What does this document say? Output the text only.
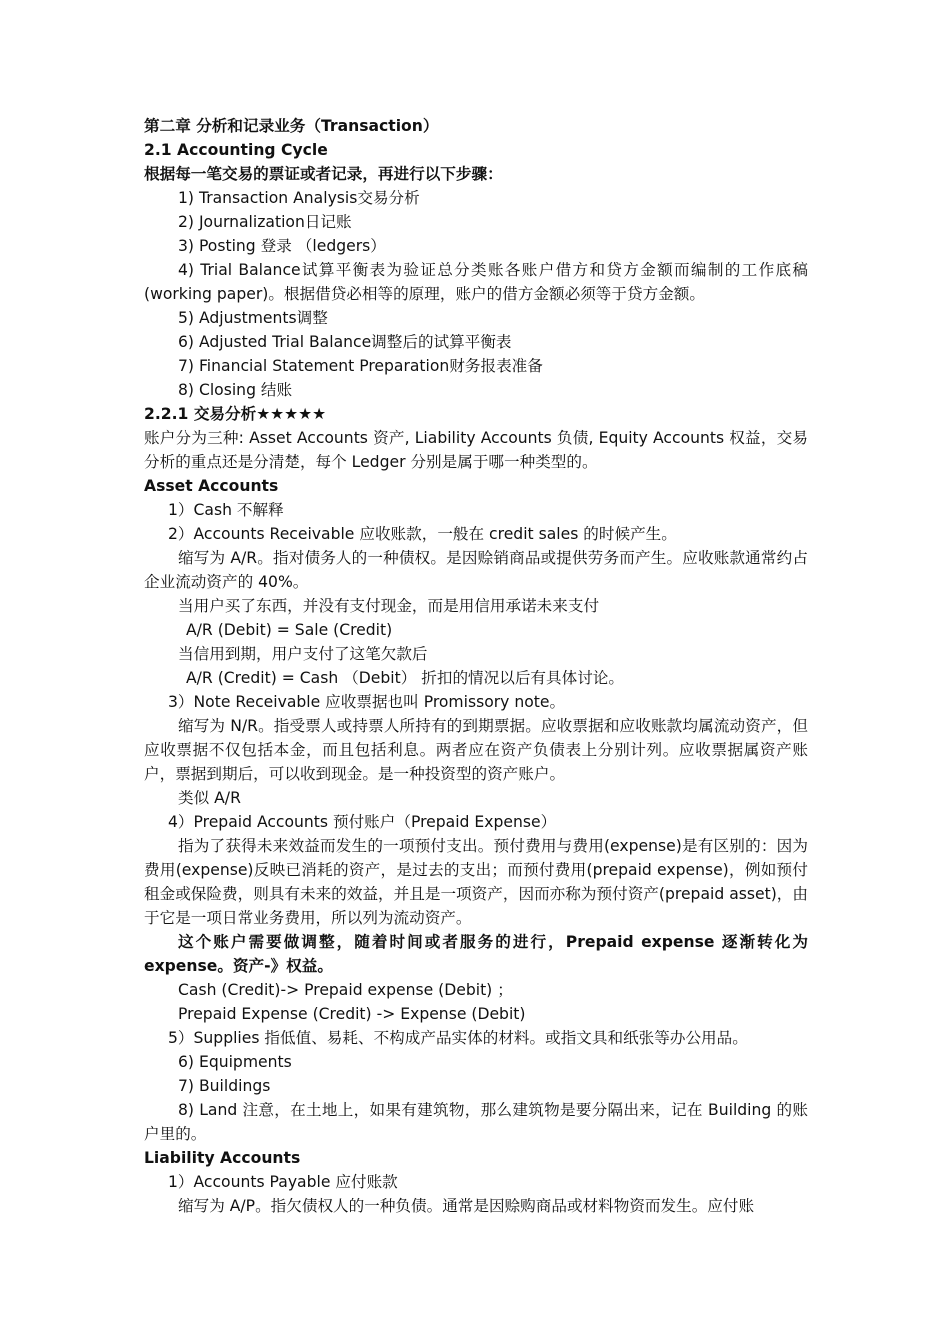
第二章 分析和记录业务（Transaction）
2.1 Accounting Cycle
根据每一笔交易的票证或者记录，再进行以下步骤：
1) Transaction Analysis交易分析
2) Journalization日记账
3) Posting 登录 （ledgers）
4) Trial Balance试算平衡表为验证总分类账各账户借方和贷方金额而编制的工作底稿(working paper)。根据借贷必相等的原理，账户的借方金额必须等于贷方金额。
5) Adjustments调整
6) Adjusted Trial Balance调整后的试算平衡表
7) Financial Statement Preparation财务报表准备
8) Closing 结账
2.2.1 交易分析★★★★★
账户分为三种: Asset Accounts 资产, Liability Accounts 负债, Equity Accounts 权益，交易分析的重点还是分清楚，每个 Ledger 分别是属于哪一种类型的。
Asset Accounts
1）Cash 不解释
2）Accounts Receivable 应收账款，一般在 credit sales 的时候产生。
缩写为 A/R。指对债务人的一种债权。是因赊销商品或提供劳务而产生。应收账款通常约占企业流动资产的 40%。
当用户买了东西，并没有支付现金，而是用信用承诺未来支付
A/R (Debit) = Sale (Credit)
当信用到期，用户支付了这笔欠款后
A/R (Credit) = Cash （Debit） 折扣的情况以后有具体讨论。
3）Note Receivable 应收票据也叫 Promissory note。
缩写为 N/R。指受票人或持票人所持有的到期票据。应收票据和应收账款均属流动资产，但应收票据不仅包括本金，而且包括利息。两者应在资产负债表上分别计列。应收票据属资产账户，票据到期后，可以收到现金。是一种投资型的资产账户。
类似 A/R
4）Prepaid Accounts 预付账户（Prepaid Expense）
指为了获得未来效益而发生的一项预付支出。预付费用与费用(expense)是有区别的：因为费用(expense)反映已消耗的资产，是过去的支出；而预付费用(prepaid expense)，例如预付租金或保险费，则具有未来的效益，并且是一项资产，因而亦称为预付资产(prepaid asset)，由于它是一项日常业务费用，所以列为流动资产。
这个账户需要做调整，随着时间或者服务的进行，Prepaid expense 逐渐转化为 expense。资产-》权益。
Cash (Credit)-> Prepaid expense (Debit) ；
Prepaid Expense (Credit) -> Expense (Debit)
5）Supplies 指低值、易耗、不构成产品实体的材料。或指文具和纸张等办公用品。
6) Equipments
7) Buildings
8) Land 注意，在土地上，如果有建筑物，那么建筑物是要分隔出来，记在 Building 的账户里的。
Liability Accounts
1）Accounts Payable 应付账款
缩写为 A/P。指欠债权人的一种负债。通常是因赊购商品或材料物资而发生。应付账
